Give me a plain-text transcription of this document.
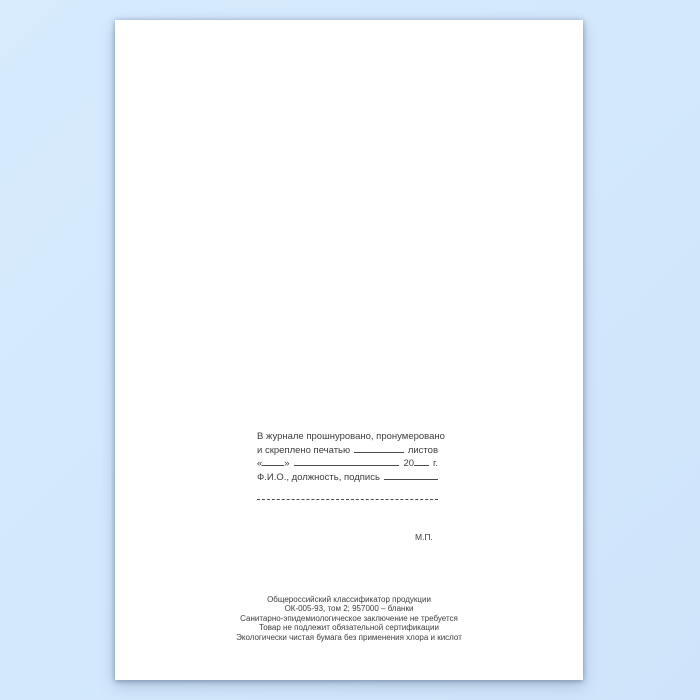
В журнале прошнуровано, пронумеровано
и скреплено печатью	листов
« »	20 г.
Ф.И.О., должность, подпись
М.П.
Общероссийский классификатор продукции
ОК-005-93, том 2; 957000 – бланки
Санитарно-эпидемиологическое заключение не требуется
Товар не подлежит обязательной сертификации
Экологически чистая бумага без применения хлора и кислот
